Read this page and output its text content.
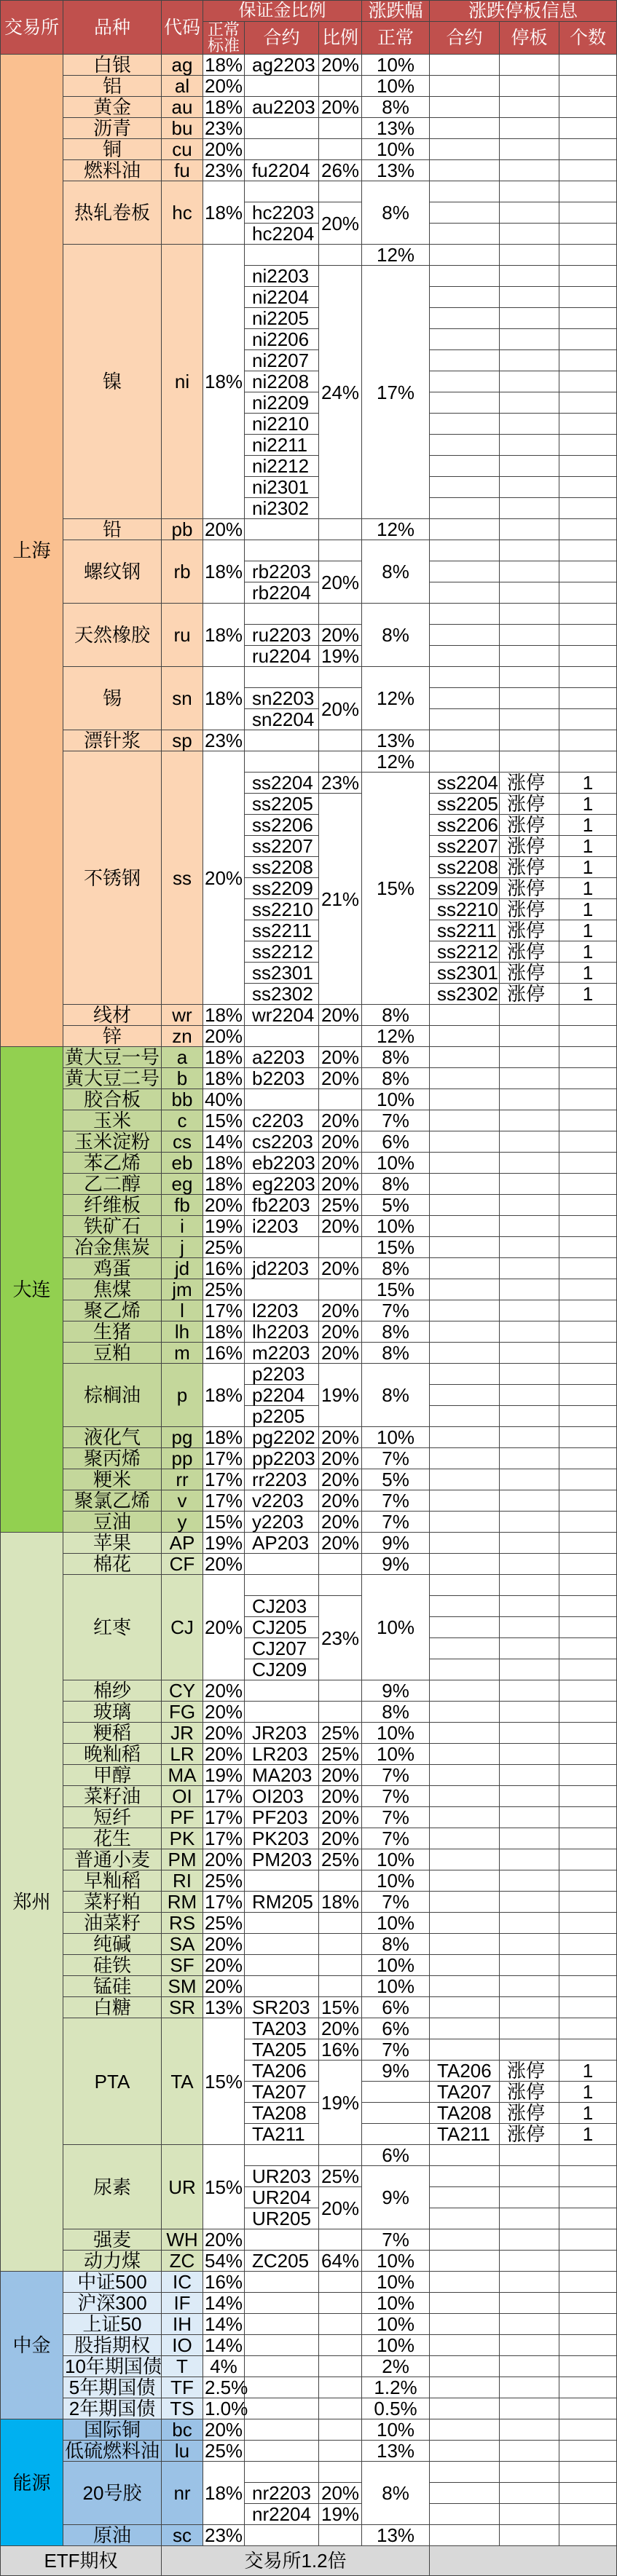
交易所	品种	代码	保证金比例			涨跌幅	涨跌停板信息		
			正常标准	合约	比例	正常	合约	停板	个数
上海	白银	ag	18%	ag2203	20%	10%			
	铝	al	20%			10%			
	黄金	au	18%	au2203	20%	8%			
	沥青	bu	23%			13%			
	铜	cu	20%			10%			
	燃料油	fu	23%	fu2204	26%	13%			
	热轧卷板	hc	18%			8%			
				hc2203	20%				
				hc2204					
	镍	ni	18%			12%			
				ni2203	24%	17%			
				ni2204					
				ni2205					
				ni2206					
				ni2207					
				ni2208					
				ni2209					
				ni2210					
				ni2211					
				ni2212					
				ni2301					
				ni2302					
	铅	pb	20%			12%			
	螺纹钢	rb	18%			8%			
				rb2203	20%				
				rb2204					
	天然橡胶	ru	18%			8%			
				ru2203	20%				
				ru2204	19%				
	锡	sn	18%			12%			
				sn2203	20%				
				sn2204					
	漂针浆	sp	23%			13%			
	不锈钢	ss	20%			12%			
				ss2204	23%	15%	ss2204	涨停	1
				ss2205	21%		ss2205	涨停	1
				ss2206			ss2206	涨停	1
				ss2207			ss2207	涨停	1
				ss2208			ss2208	涨停	1
				ss2209			ss2209	涨停	1
				ss2210			ss2210	涨停	1
				ss2211			ss2211	涨停	1
				ss2212			ss2212	涨停	1
				ss2301			ss2301	涨停	1
				ss2302			ss2302	涨停	1
	线材	wr	18%	wr2204	20%	8%			
	锌	zn	20%			12%			
大连	黄大豆一号	a	18%	a2203	20%	8%			
	黄大豆二号	b	18%	b2203	20%	8%			
	胶合板	bb	40%			10%			
	玉米	c	15%	c2203	20%	7%			
	玉米淀粉	cs	14%	cs2203	20%	6%			
	苯乙烯	eb	18%	eb2203	20%	10%			
	乙二醇	eg	18%	eg2203	20%	8%			
	纤维板	fb	20%	fb2203	25%	5%			
	铁矿石	i	19%	i2203	20%	10%			
	冶金焦炭	j	25%			15%			
	鸡蛋	jd	16%	jd2203	20%	8%			
	焦煤	jm	25%			15%			
	聚乙烯	l	17%	l2203	20%	7%			
	生猪	lh	18%	lh2203	20%	8%			
	豆粕	m	16%	m2203	20%	8%			
	棕榈油	p	18%	p2203	19%	8%			
				p2204					
				p2205					
	液化气	pg	18%	pg2202	20%	10%			
	聚丙烯	pp	17%	pp2203	20%	7%			
	粳米	rr	17%	rr2203	20%	5%			
	聚氯乙烯	v	17%	v2203	20%	7%			
	豆油	y	15%	y2203	20%	7%			
郑州	苹果	AP	19%	AP203	20%	9%			
	棉花	CF	20%			9%			
	红枣	CJ	20%			10%			
				CJ203	23%				
				CJ205					
				CJ207					
				CJ209					
	棉纱	CY	20%			9%			
	玻璃	FG	20%			8%			
	粳稻	JR	20%	JR203	25%	10%			
	晚籼稻	LR	20%	LR203	25%	10%			
	甲醇	MA	19%	MA203	20%	7%			
	菜籽油	OI	17%	OI203	20%	7%			
	短纤	PF	17%	PF203	20%	7%			
	花生	PK	17%	PK203	20%	7%			
	普通小麦	PM	20%	PM203	25%	10%			
	早籼稻	RI	25%			10%			
	菜籽粕	RM	17%	RM205	18%	7%			
	油菜籽	RS	25%			10%			
	纯碱	SA	20%			8%			
	硅铁	SF	20%			10%			
	锰硅	SM	20%			10%			
	白糖	SR	13%	SR203	15%	6%			
	PTA	TA	15%	TA203	20%	6%			
				TA205	16%	7%			
				TA206	19%	9%	TA206	涨停	1
				TA207			TA207	涨停	1
				TA208			TA208	涨停	1
				TA211			TA211	涨停	1
	尿素	UR	15%			6%			
				UR203	25%	9%			
				UR204	20%				
				UR205					
	强麦	WH	20%			7%			
	动力煤	ZC	54%	ZC205	64%	10%			
中金	中证500	IC	16%			10%			
	沪深300	IF	14%			10%			
	上证50	IH	14%			10%			
	股指期权	IO	14%			10%			
	10年期国债	T	4%			2%			
	5年期国债	TF	2.5%			1.2%			
	2年期国债	TS	1.0%			0.5%			
能源	国际铜	bc	20%			10%			
	低硫燃料油	lu	25%			13%			
	20号胶	nr	18%			8%			
				nr2203	20%				
				nr2204	19%				
	原油	sc	23%			13%			
ETF期权		交易所1.2倍							
